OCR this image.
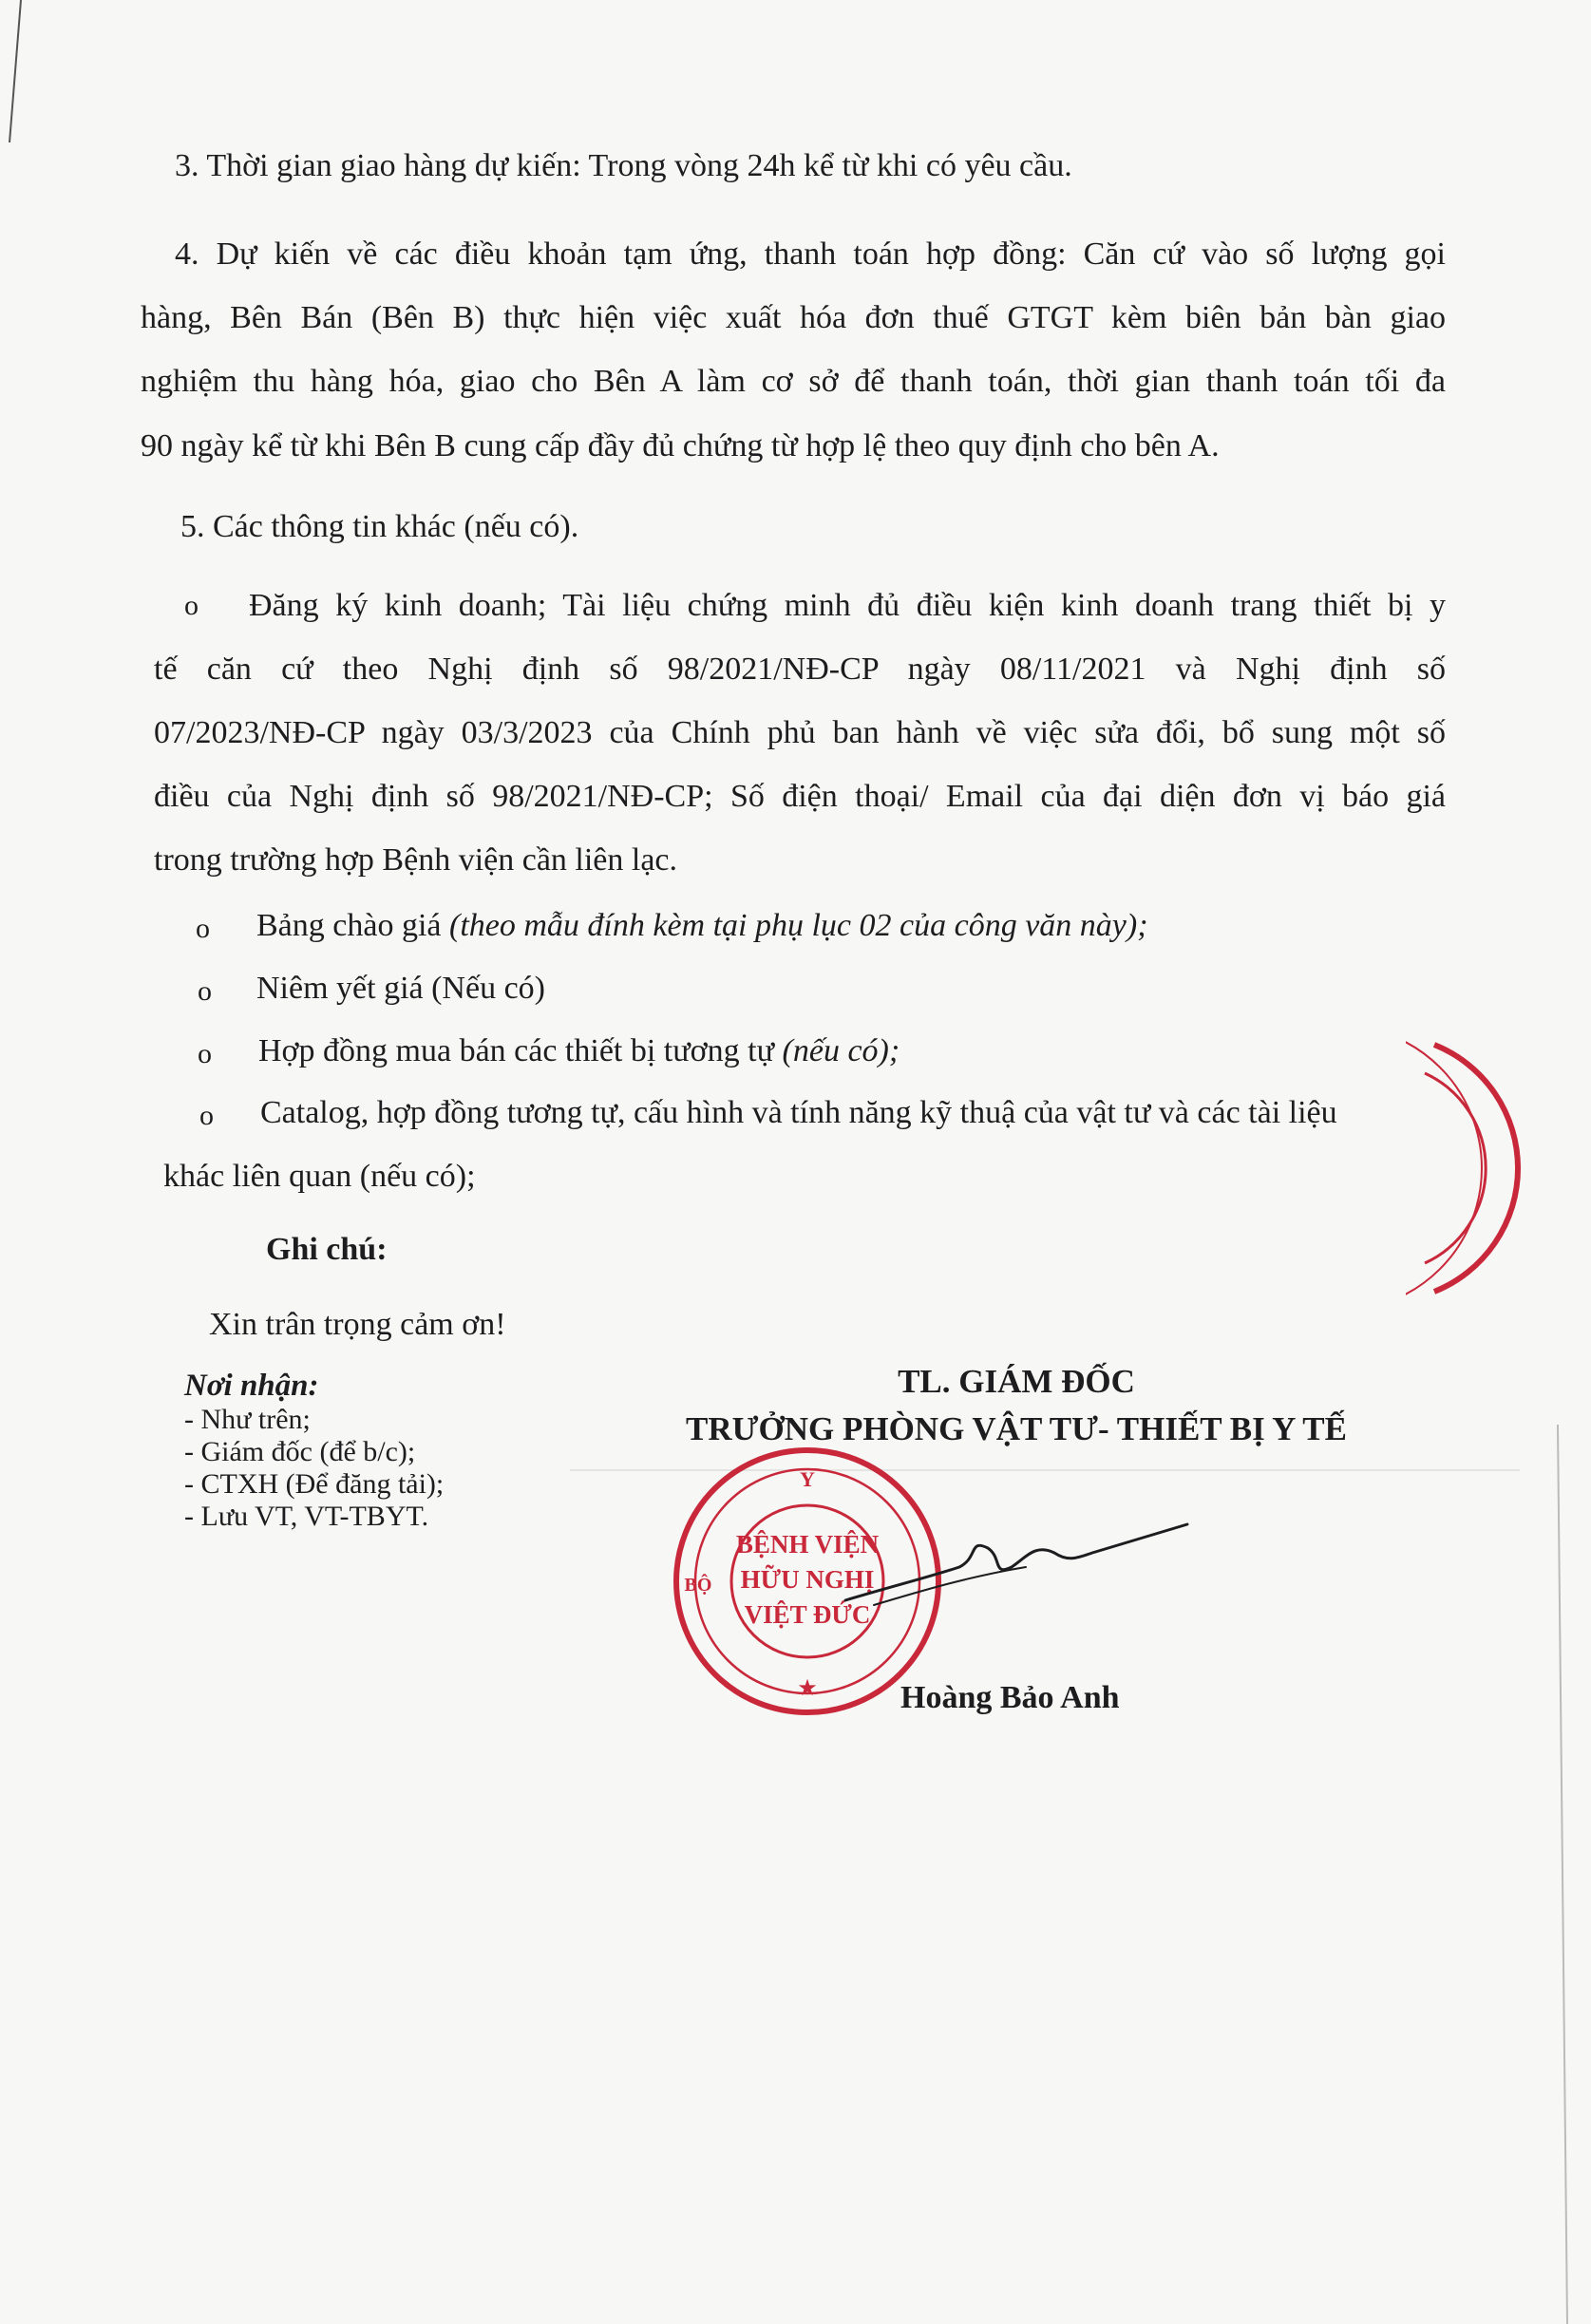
3. Thời gian giao hàng dự kiến: Trong vòng 24h kể từ khi có yêu cầu.

4. Dự kiến về các điều khoản tạm ứng, thanh toán hợp đồng: Căn cứ vào số lượng gọi

hàng, Bên Bán (Bên B) thực hiện việc xuất hóa đơn thuế GTGT kèm biên bản bàn giao

nghiệm thu hàng hóa, giao cho Bên A làm cơ sở để thanh toán, thời gian thanh toán tối đa

90 ngày kể từ khi Bên B cung cấp đầy đủ chứng từ hợp lệ theo quy định cho bên A.

5. Các thông tin khác (nếu có).

o Đăng ký kinh doanh; Tài liệu chứng minh đủ điều kiện kinh doanh trang thiết bị y

tế căn cứ theo Nghị định số 98/2021/NĐ-CP ngày 08/11/2021 và Nghị định số

07/2023/NĐ-CP ngày 03/3/2023 của Chính phủ ban hành về việc sửa đổi, bổ sung một số

điều của Nghị định số 98/2021/NĐ-CP; Số điện thoại/ Email của đại diện đơn vị báo giá

trong trường hợp Bệnh viện cần liên lạc.

o Bảng chào giá (theo mẫu đính kèm tại phụ lục 02 của công văn này);

o Niêm yết giá (Nếu có)

o Hợp đồng mua bán các thiết bị tương tự (nếu có);

o Catalog, hợp đồng tương tự, cấu hình và tính năng kỹ thuậ của vật tư và các tài liệu

khác liên quan (nếu có);

Ghi chú:

Xin trân trọng cảm ơn!

Nơi nhận:
- Như trên;
- Giám đốc (để b/c);
- CTXH (Để đăng tải);
- Lưu VT, VT-TBYT.
TL. GIÁM ĐỐC
TRƯỞNG PHÒNG VẬT TƯ- THIẾT BỊ Y TẾ
Y
BỘ
BỆNH VIỆN
HỮU NGHỊ
VIỆT ĐỨC
★	Hoàng Bảo Anh
